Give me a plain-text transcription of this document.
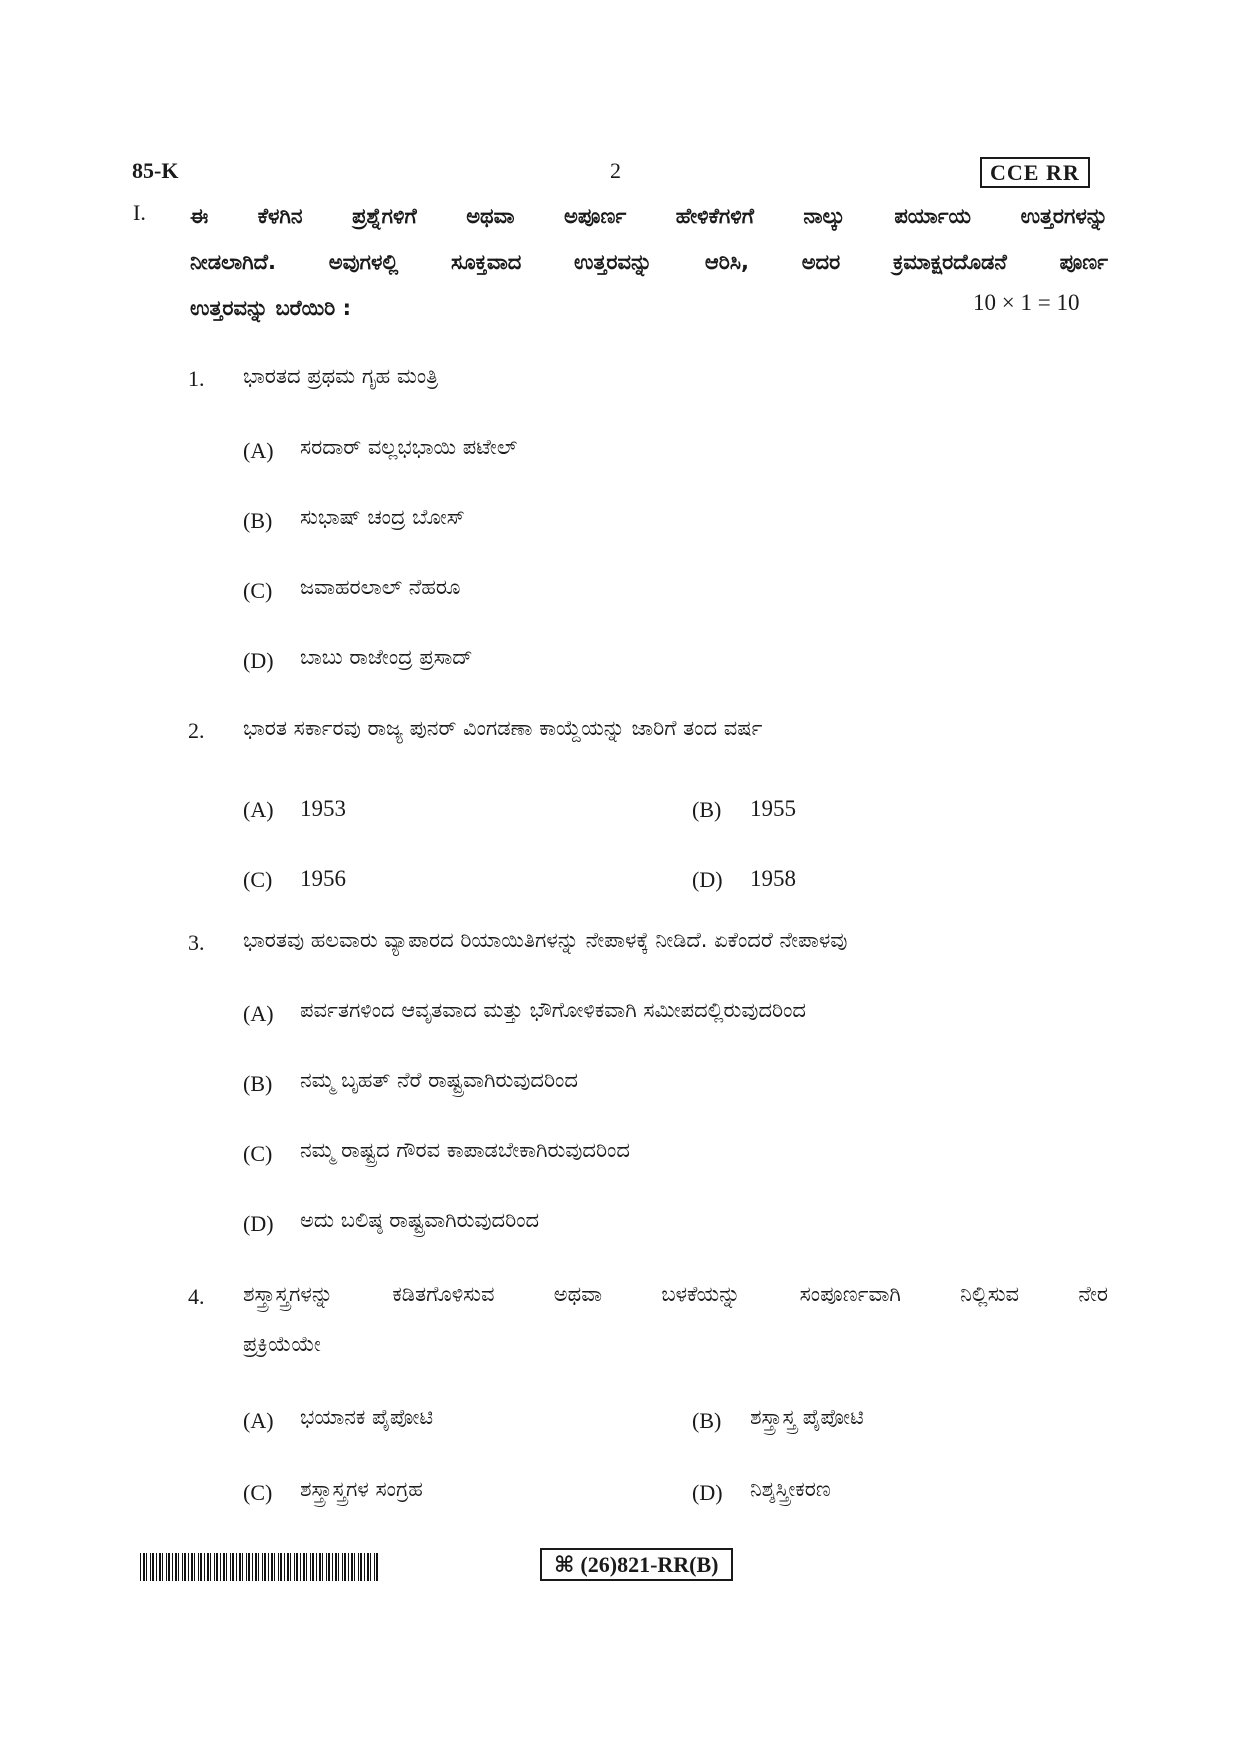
85-K	2	CCE RR
I. ಈ ಕೆಳಗಿನ ಪ್ರಶ್ನೆಗಳಿಗೆ ಅಥವಾ ಅಪೂರ್ಣ ಹೇಳಿಕೆಗಳಿಗೆ ನಾಲ್ಕು ಪರ್ಯಾಯ ಉತ್ತರಗಳನ್ನು
ನೀಡಲಾಗಿದೆ. ಅವುಗಳಲ್ಲಿ ಸೂಕ್ತವಾದ ಉತ್ತರವನ್ನು ಆರಿಸಿ, ಅದರ ಕ್ರಮಾಕ್ಷರದೊಡನೆ ಪೂರ್ಣ
ಉತ್ತರವನ್ನು ಬರೆಯಿರಿ :	10 × 1 = 10
1. ಭಾರತದ ಪ್ರಥಮ ಗೃಹ ಮಂತ್ರಿ
(A) ಸರದಾರ್ ವಲ್ಲಭಭಾಯಿ ಪಟೇಲ್
(B) ಸುಭಾಷ್ ಚಂದ್ರ ಬೋಸ್
(C) ಜವಾಹರಲಾಲ್ ನೆಹರೂ
(D) ಬಾಬು ರಾಜೇಂದ್ರ ಪ್ರಸಾದ್
2. ಭಾರತ ಸರ್ಕಾರವು ರಾಜ್ಯ ಪುನರ್ ವಿಂಗಡಣಾ ಕಾಯ್ದೆಯನ್ನು ಜಾರಿಗೆ ತಂದ ವರ್ಷ
(A) 1953	(B) 1955
(C) 1956	(D) 1958
3. ಭಾರತವು ಹಲವಾರು ವ್ಯಾಪಾರದ ರಿಯಾಯಿತಿಗಳನ್ನು ನೇಪಾಳಕ್ಕೆ ನೀಡಿದೆ. ಏಕೆಂದರೆ ನೇಪಾಳವು
(A) ಪರ್ವತಗಳಿಂದ ಆವೃತವಾದ ಮತ್ತು ಭೌಗೋಳಿಕವಾಗಿ ಸಮೀಪದಲ್ಲಿರುವುದರಿಂದ
(B) ನಮ್ಮ ಬೃಹತ್ ನೆರೆ ರಾಷ್ಟ್ರವಾಗಿರುವುದರಿಂದ
(C) ನಮ್ಮ ರಾಷ್ಟ್ರದ ಗೌರವ ಕಾಪಾಡಬೇಕಾಗಿರುವುದರಿಂದ
(D) ಅದು ಬಲಿಷ್ಠ ರಾಷ್ಟ್ರವಾಗಿರುವುದರಿಂದ
4. ಶಸ್ತ್ರಾಸ್ತ್ರಗಳನ್ನು ಕಡಿತಗೊಳಿಸುವ ಅಥವಾ ಬಳಕೆಯನ್ನು ಸಂಪೂರ್ಣವಾಗಿ ನಿಲ್ಲಿಸುವ ನೇರ
ಪ್ರಕ್ರಿಯೆಯೇ
(A) ಭಯಾನಕ ಪೈಪೋಟಿ	(B) ಶಸ್ತ್ರಾಸ್ತ್ರ ಪೈಪೋಟಿ
(C) ಶಸ್ತ್ರಾಸ್ತ್ರಗಳ ಸಂಗ್ರಹ	(D) ನಿಶ್ಶಸ್ತ್ರೀಕರಣ
⌘ (26)821-RR(B)
